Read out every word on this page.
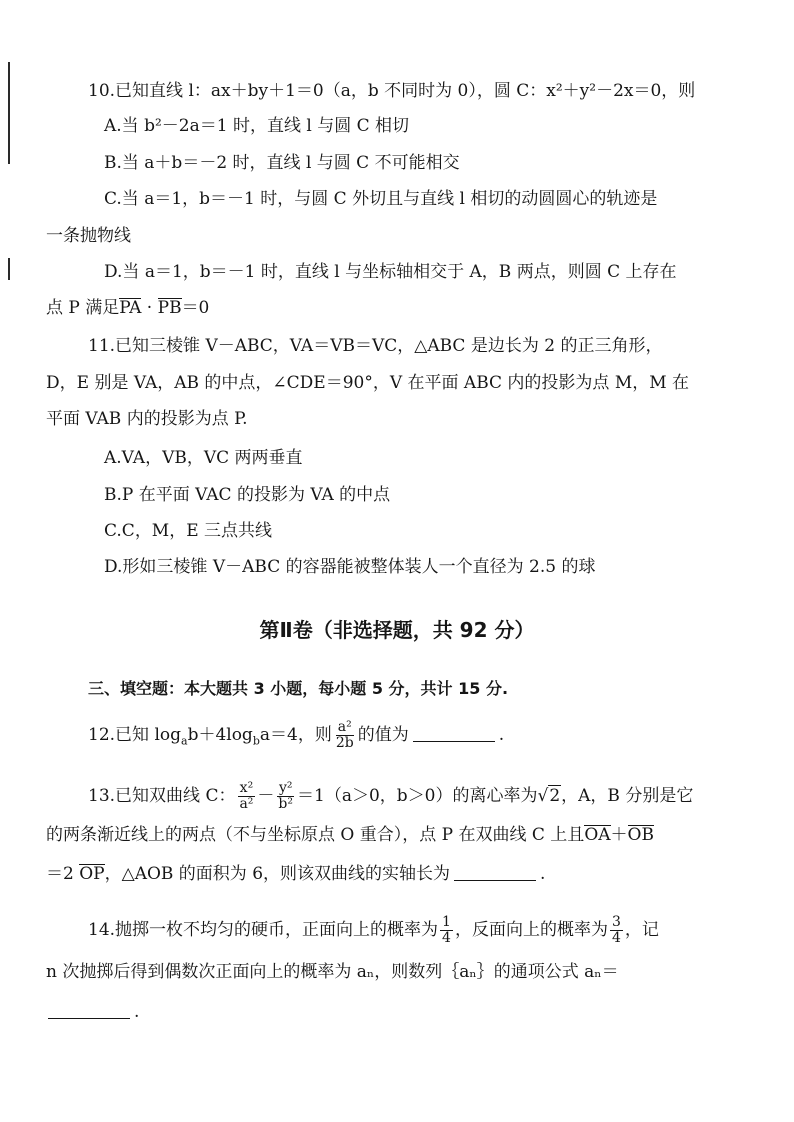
10.已知直线 l：ax＋by＋1＝0（a，b 不同时为 0），圆 C：x²＋y²－2x＝0，则
A.当 b²－2a＝1 时，直线 l 与圆 C 相切
B.当 a＋b＝－2 时，直线 l 与圆 C 不可能相交
C.当 a＝1，b＝－1 时，与圆 C 外切且与直线 l 相切的动圆圆心的轨迹是
一条抛物线
D.当 a＝1，b＝－1 时，直线 l 与坐标轴相交于 A，B 两点，则圆 C 上存在
点 P 满足PA · PB＝0
11.已知三棱锥 V－ABC，VA＝VB＝VC，△ABC 是边长为 2 的正三角形，
D，E 别是 VA，AB 的中点，∠CDE＝90°，V 在平面 ABC 内的投影为点 M，M 在
平面 VAB 内的投影为点 P.
A.VA，VB，VC 两两垂直
B.P 在平面 VAC 的投影为 VA 的中点
C.C，M，E 三点共线
D.形如三棱锥 V－ABC 的容器能被整体装人一个直径为 2.5 的球
第Ⅱ卷（非选择题，共 92 分）
三、填空题：本大题共 3 小题，每小题 5 分，共计 15 分.
12.已知 $\log_ab+4\log_ba=4$，则 $\frac{\text{a²}}{2b}$ 的值为	.
13.已知双曲线 C： $\frac{\text{x²}}{\text{a²}} - \frac{\text{y²}}{\text{b²}} =1(a>0$，b＞0）的离心率为√2，A，B 分别是它
的两条渐近线上的两点（不与坐标原点 O 重合），点 P 在双曲线 C 上且OA＋OB
＝2 OP，△AOB 的面积为 6，则该双曲线的实轴长为	.
14.抛掷一枚不均匀的硬币，正面向上的概率为 $\frac{1}{4}$ ，反面向上的概率为 $\frac{3}{4}$ ，记
n 次抛掷后得到偶数次正面向上的概率为 aₙ，则数列｛aₙ｝的通项公式 aₙ＝
.
